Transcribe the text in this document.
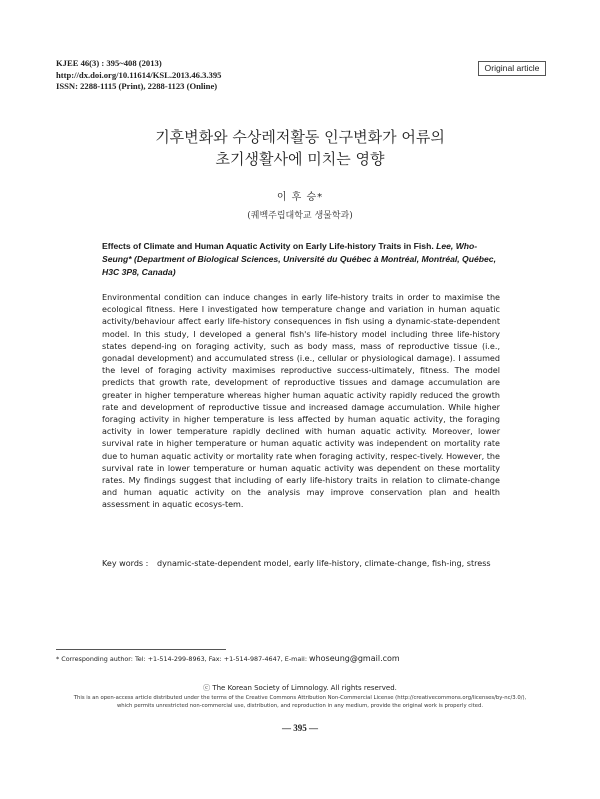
KJEE 46(3) : 395~408 (2013)
http://dx.doi.org/10.11614/KSL.2013.46.3.395
ISSN: 2288-1115 (Print), 2288-1123 (Online)
Original article
기후변화와 수상레저활동 인구변화가 어류의
초기생활사에 미치는 영향
이 후 승*
(퀘벡주립대학교 생물학과)
Effects of Climate and Human Aquatic Activity on Early Life-history Traits in Fish. Lee, Who-Seung* (Department of Biological Sciences, Université du Québec à Montréal, Montréal, Québec, H3C 3P8, Canada)

Environmental condition can induce changes in early life-history traits in order to maximise the ecological fitness. Here I investigated how temperature change and variation in human aquatic activity/behaviour affect early life-history consequences in fish using a dynamic-state-dependent model. In this study, I developed a general fish's life-history model including three life-history states depend-ing on foraging activity, such as body mass, mass of reproductive tissue (i.e., gonadal development) and accumulated stress (i.e., cellular or physiological damage). I assumed the level of foraging activity maximises reproductive success-ultimately, fitness. The model predicts that growth rate, development of reproductive tissues and damage accumulation are greater in higher temperature whereas higher human aquatic activity rapidly reduced the growth rate and development of reproductive tissue and increased damage accumulation. While higher foraging activity in higher temperature is less affected by human aquatic activity, the foraging activity in lower temperature rapidly declined with human aquatic activity. Moreover, lower survival rate in higher temperature or human aquatic activity was independent on mortality rate due to human aquatic activity or mortality rate when foraging activity, respec-tively. However, the survival rate in lower temperature or human aquatic activity was dependent on these mortality rates. My findings suggest that including of early life-history traits in relation to climate-change and human aquatic activity on the analysis may improve conservation plan and health assessment in aquatic ecosys-tem.

Key words : dynamic-state-dependent model, early life-history, climate-change, fish-ing, stress
* Corresponding author: Tel: +1-514-299-8963, Fax: +1-514-987-4647, E-mail: whoseung@gmail.com
ⓒ The Korean Society of Limnology. All rights reserved.
This is an open-access article distributed under the terms of the Creative Commons Attribution Non-Commercial License (http://creativecommons.org/licenses/by-nc/3.0/),
which permits unrestricted non-commercial use, distribution, and reproduction in any medium, provide the original work is properly cited.
— 395 —
